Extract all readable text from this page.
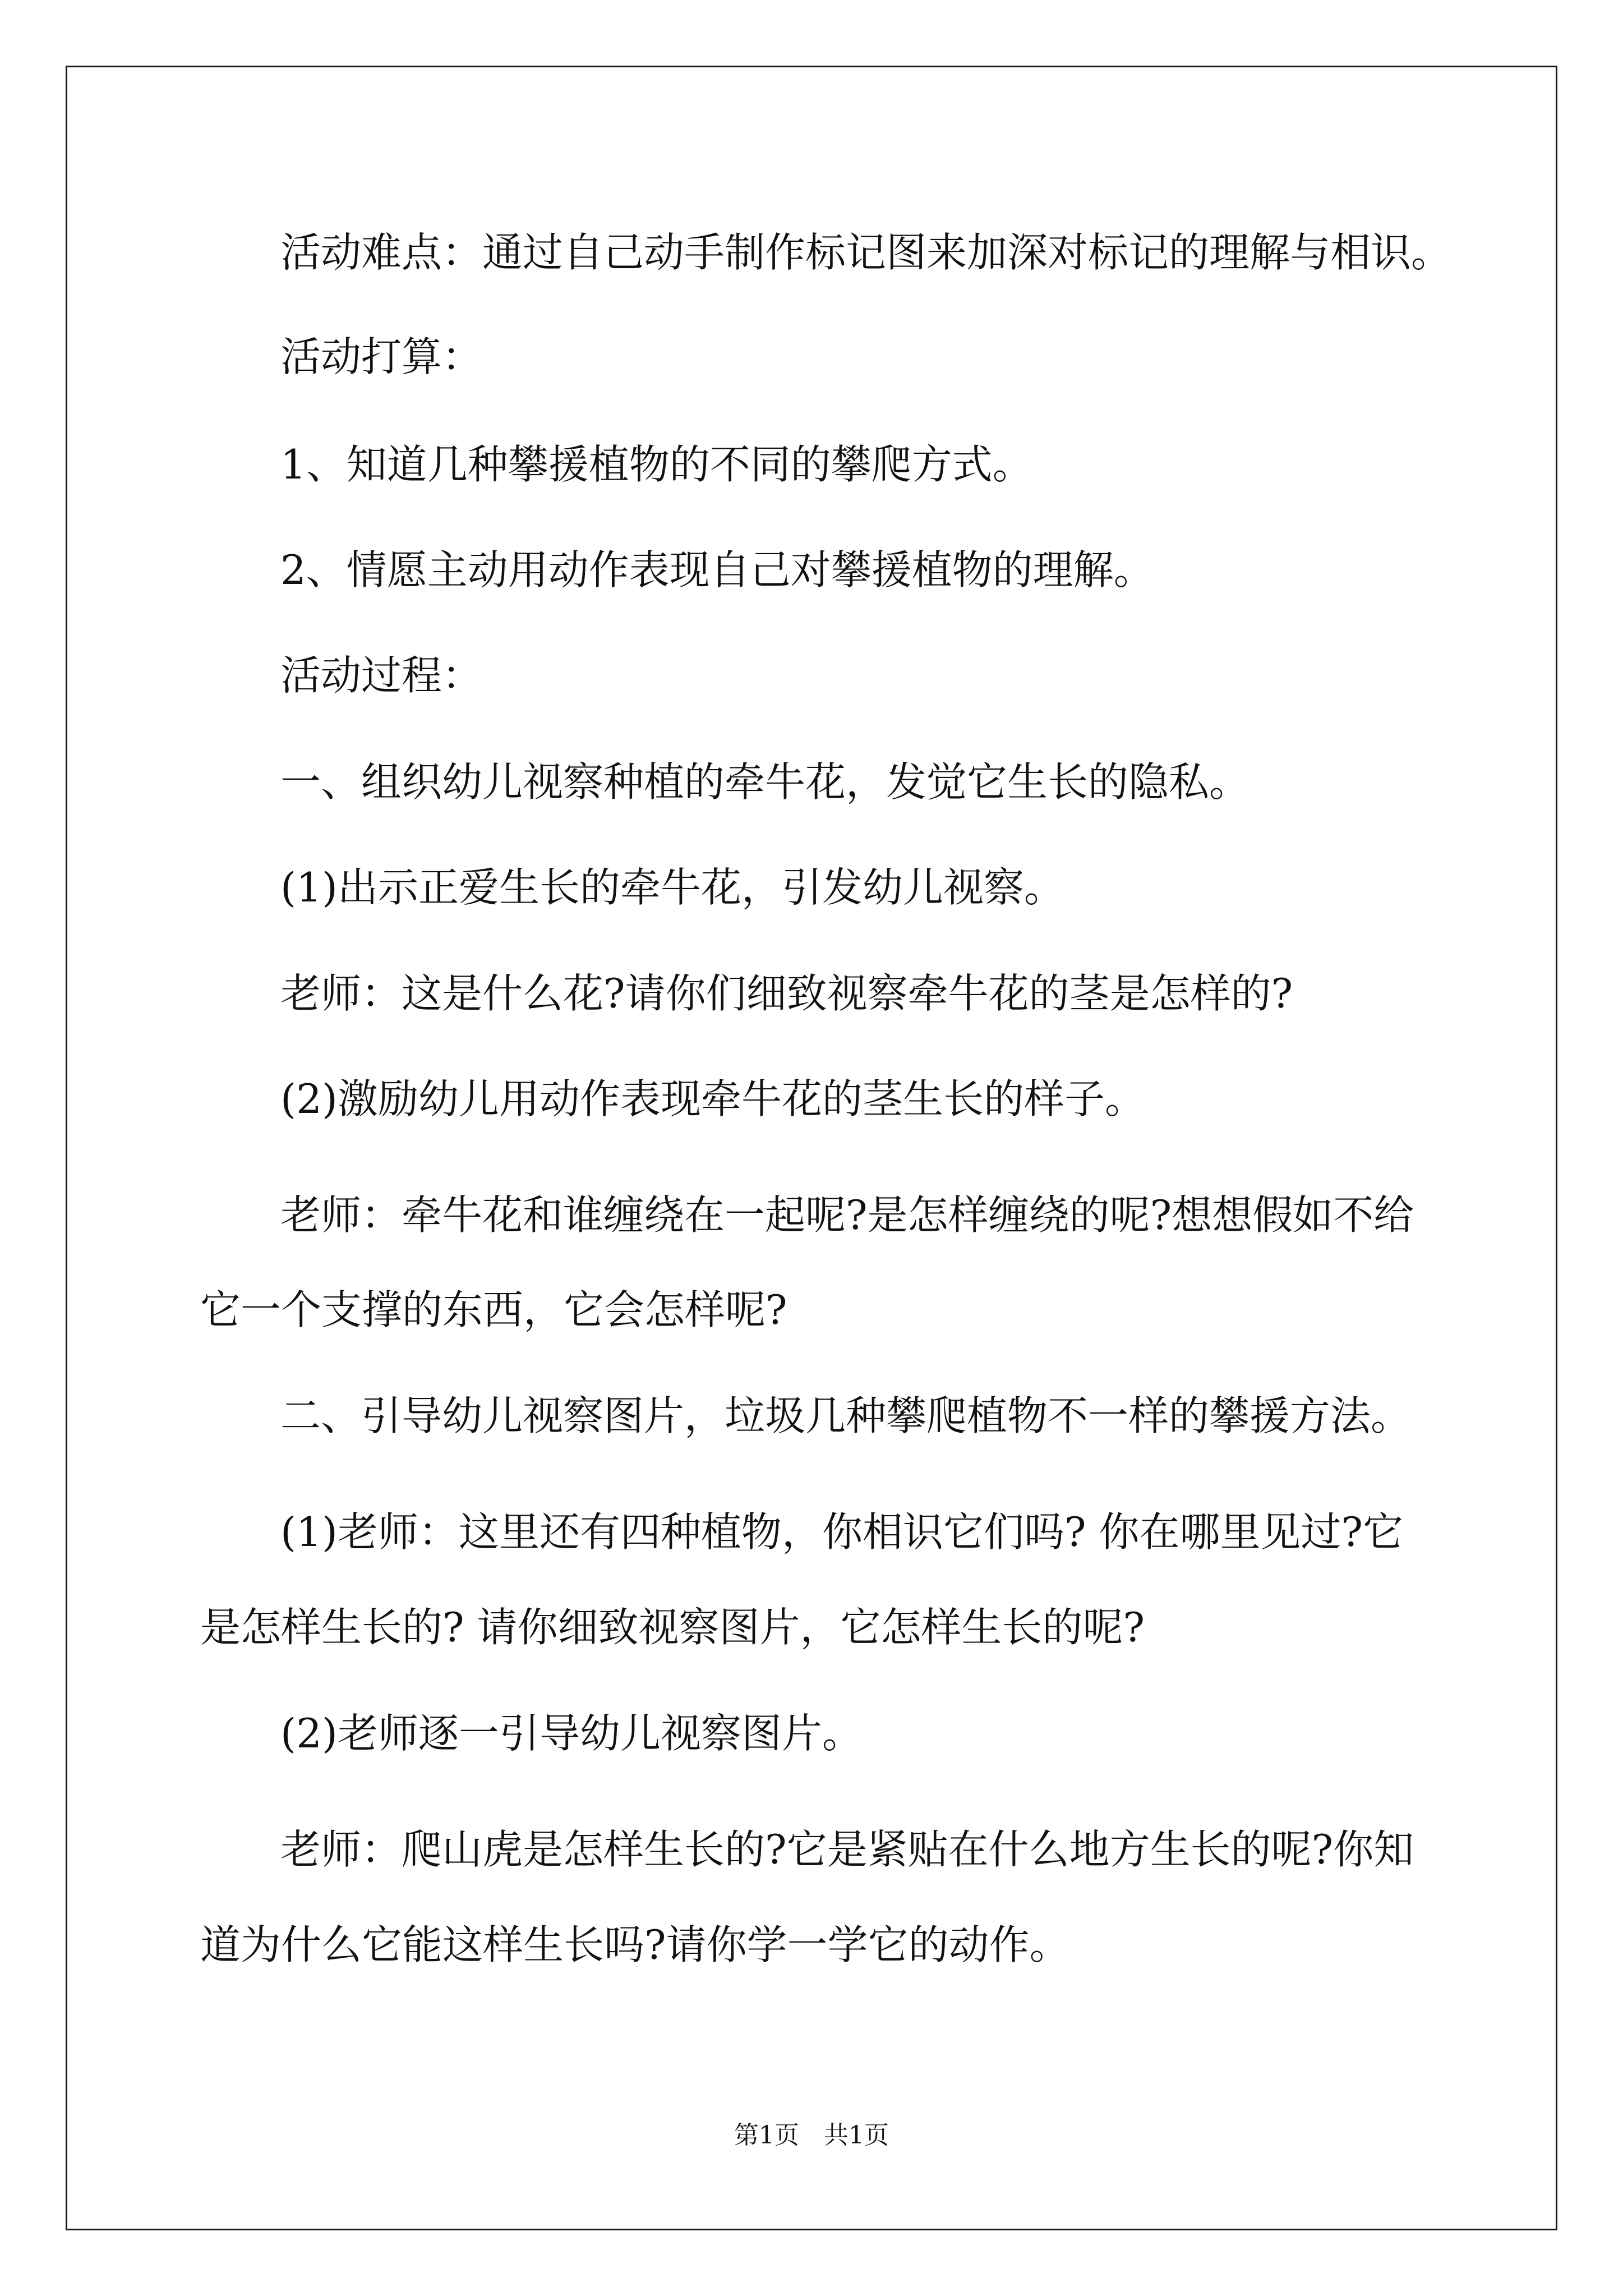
活动难点：通过自己动手制作标记图来加深对标记的理解与相识。

活动打算：

1、知道几种攀援植物的不同的攀爬方式。

2、情愿主动用动作表现自己对攀援植物的理解。

活动过程：

一、组织幼儿视察种植的牵牛花，发觉它生长的隐私。

(1)出示正爱生长的牵牛花，引发幼儿视察。

老师：这是什么花?请你们细致视察牵牛花的茎是怎样的?

(2)激励幼儿用动作表现牵牛花的茎生长的样子。

老师：牵牛花和谁缠绕在一起呢?是怎样缠绕的呢?想想假如不给

它一个支撑的东西，它会怎样呢?

二、引导幼儿视察图片，垃圾几种攀爬植物不一样的攀援方法。

(1)老师：这里还有四种植物，你相识它们吗? 你在哪里见过?它

是怎样生长的? 请你细致视察图片，它怎样生长的呢?

(2)老师逐一引导幼儿视察图片。

老师：爬山虎是怎样生长的?它是紧贴在什么地方生长的呢?你知

道为什么它能这样生长吗?请你学一学它的动作。

第1页　共1页
